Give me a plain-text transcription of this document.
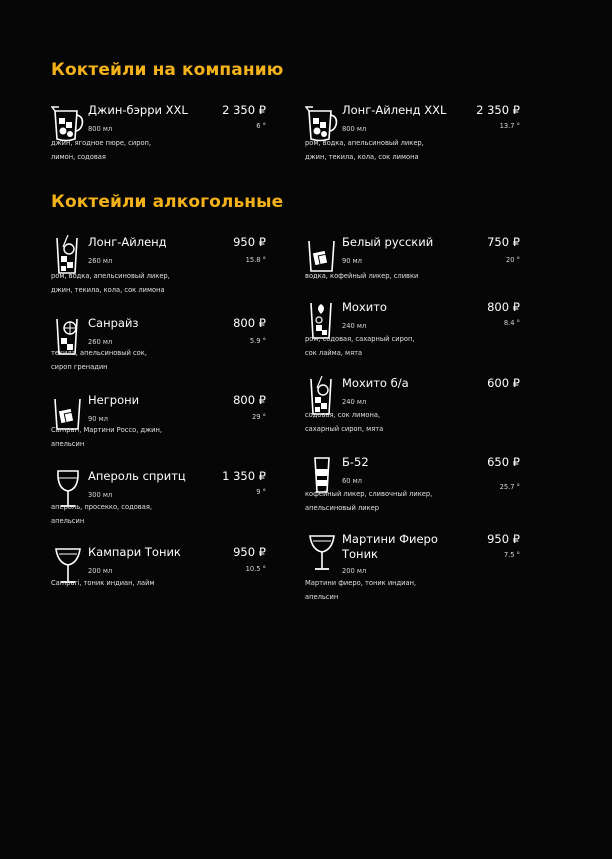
Коктейли на компанию
Коктейли алкогольные
Джин-бэрри XXL	2 350 ₽
800 мл	6 °
джин, ягодное пюре, сироп,
лимон, содовая
Лонг-Айленд XXL	2 350 ₽
800 мл	13.7 °
ром, водка, апельсиновый ликер,
джин, текила, кола, сок лимона
Лонг-Айленд	950 ₽
260 мл	15.8 °
ром, водка, апельсиновый ликер,
джин, текила, кола, сок лимона
Санрайз	800 ₽
260 мл	5.9 °
текила, апельсиновый сок,
сироп гренадин
Негрони	800 ₽
90 мл	29 °
Campari, Мартини Россо, джин,
апельсин
Апероль спритц	1 350 ₽
300 мл	9 °
апероль, просекко, содовая,
апельсин
Кампари Тоник	950 ₽
200 мл	10.5 °
Campari, тоник индиан, лайм
Белый русский	750 ₽
90 мл	20 °
водка, кофейный ликер, сливки
Мохито	800 ₽
240 мл	8.4 °
ром, содовая, сахарный сироп,
сок лайма, мята
Мохито б/а	600 ₽
240 мл
содовая, сок лимона,
сахарный сироп, мята
Б-52	650 ₽
60 мл
25.7 °
кофейный ликер, сливочный ликер,
апельсиновый ликер
Мартини Фиеро
Тоник
950 ₽
200 мл
7.5 °
Мартини фиеро, тоник индиан,
апельсин
